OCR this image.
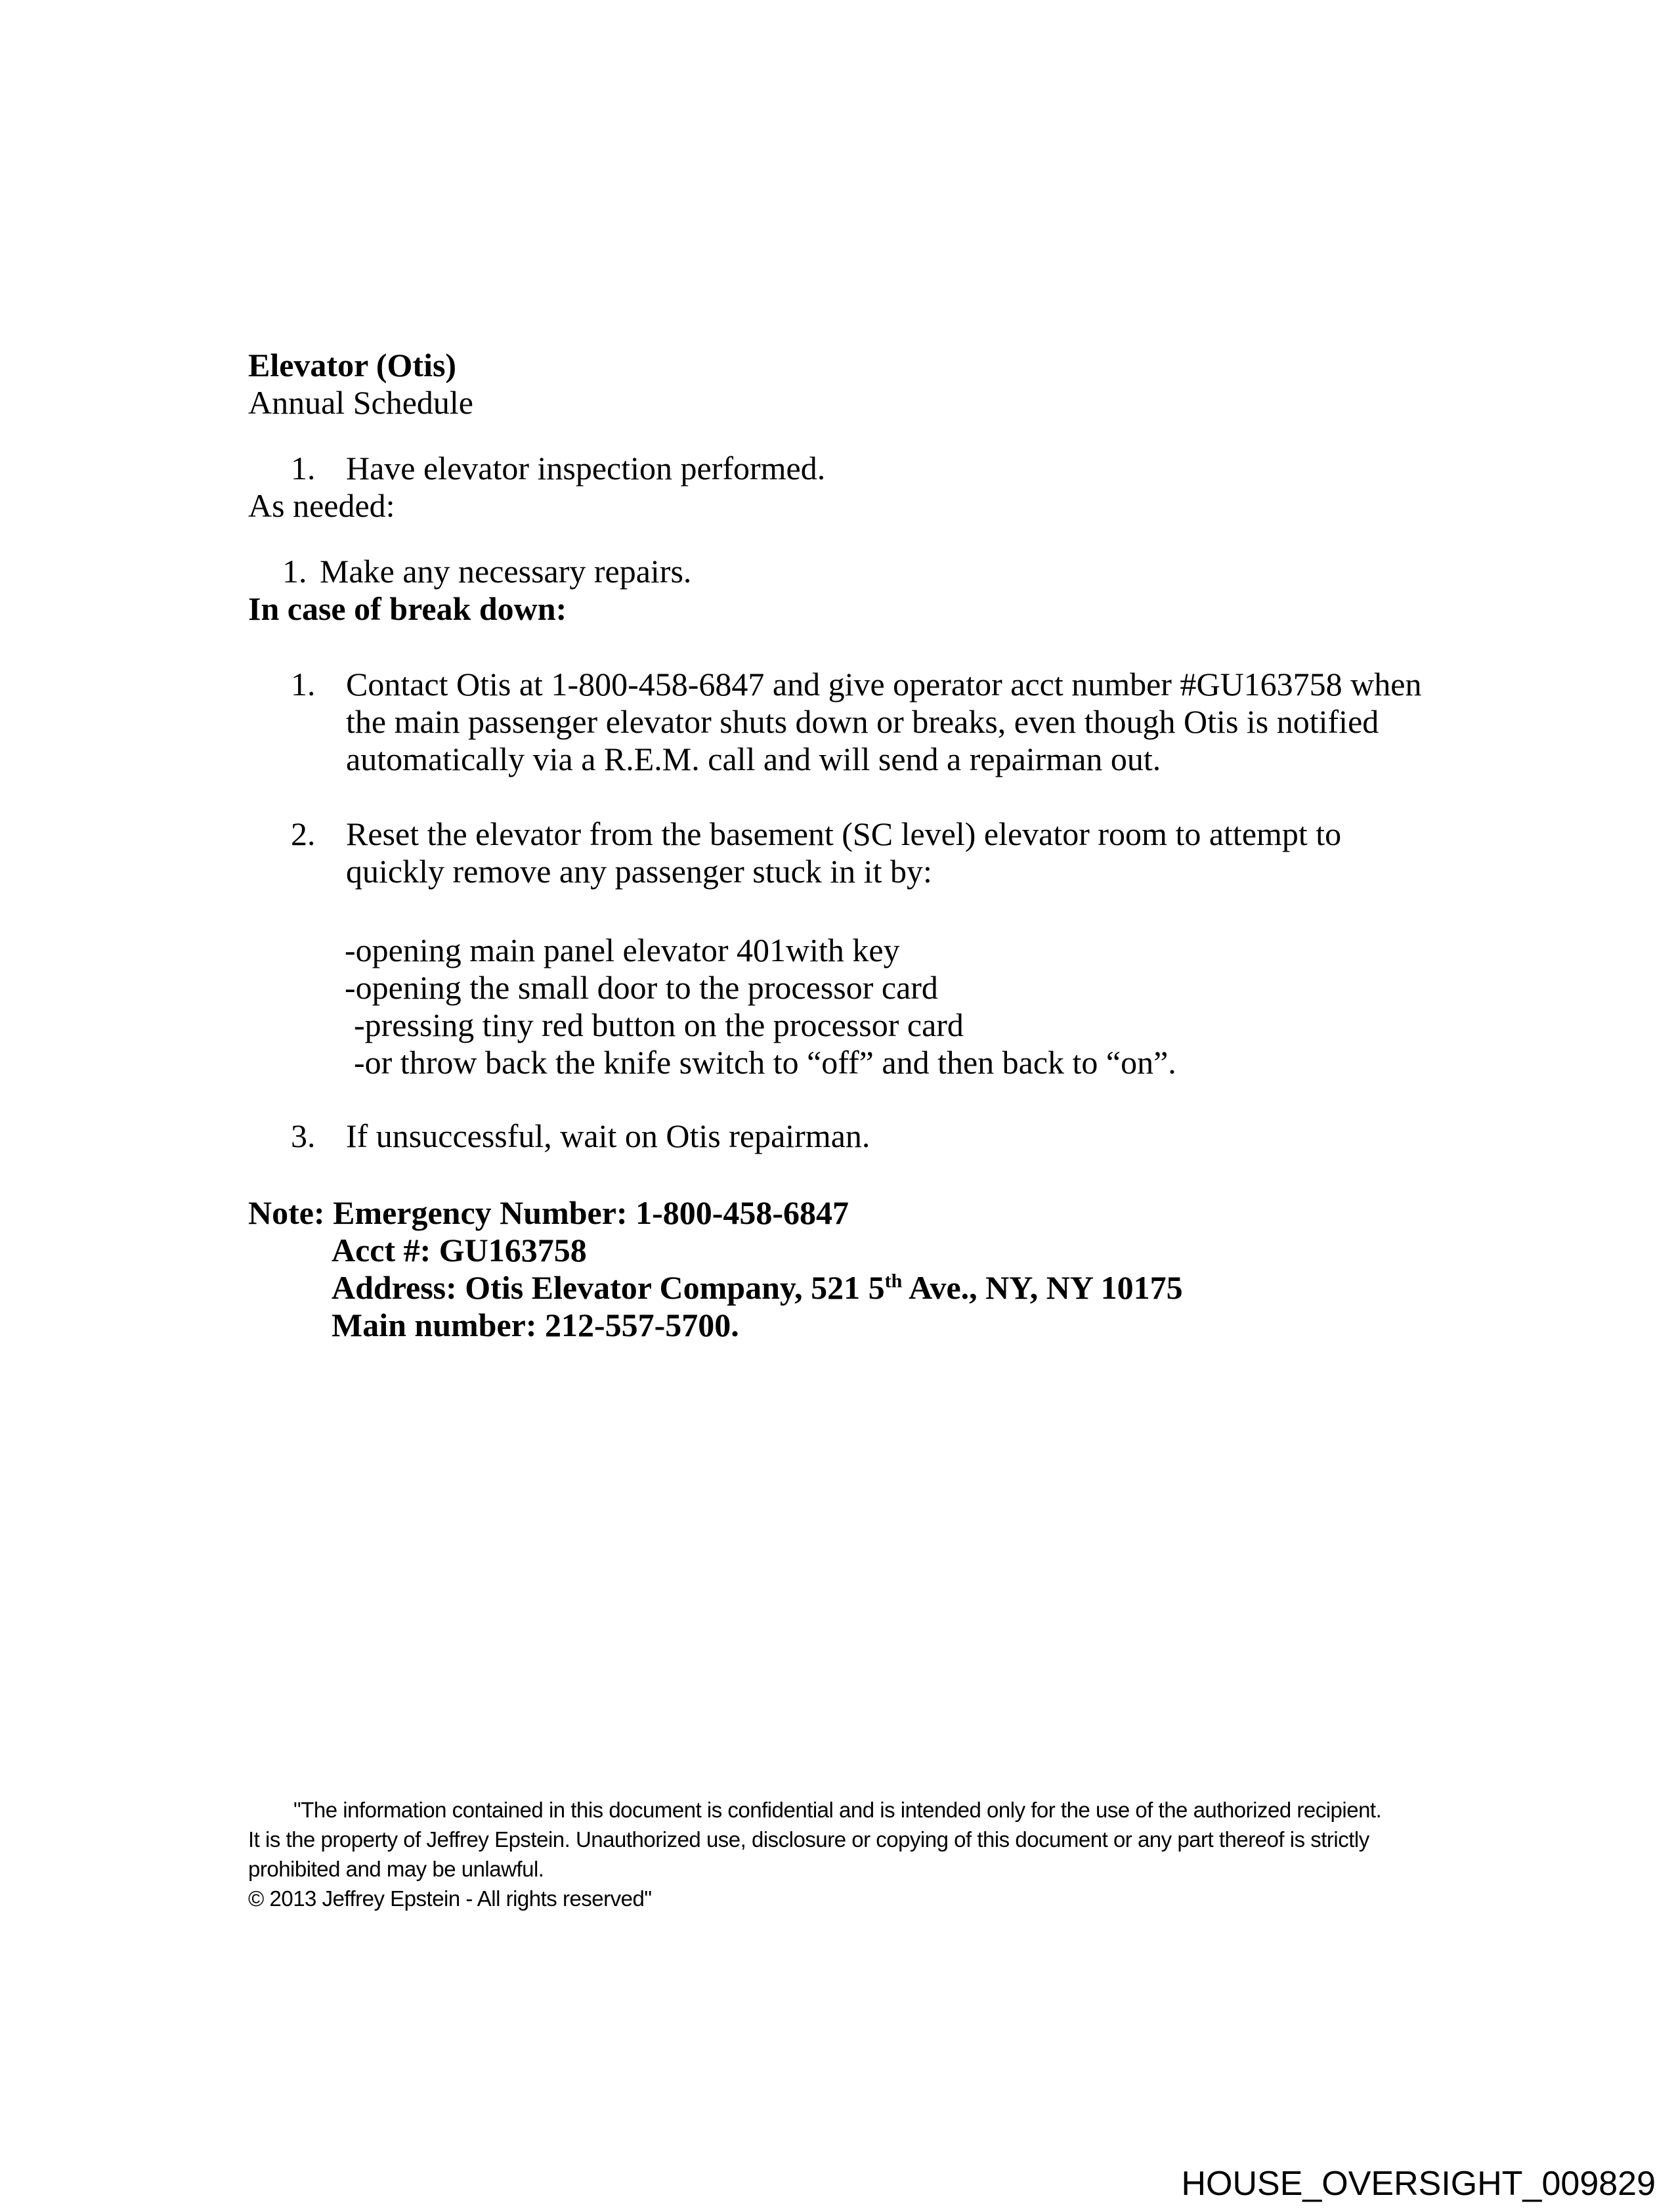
Elevator (Otis)

Annual Schedule

1. Have elevator inspection performed.

As needed:

1. Make any necessary repairs.

In case of break down:

1. Contact Otis at 1-800-458-6847 and give operator acct number #GU163758 when
the main passenger elevator shuts down or breaks, even though Otis is notified
automatically via a R.E.M. call and will send a repairman out.
2. Reset the elevator from the basement (SC level) elevator room to attempt to
quickly remove any passenger stuck in it by:
-opening main panel elevator 401with key
-opening the small door to the processor card
-pressing tiny red button on the processor card
-or throw back the knife switch to “off” and then back to “on”.
3. If unsuccessful, wait on Otis repairman.
Note: Emergency Number: 1-800-458-6847
Acct #: GU163758
Address: Otis Elevator Company, 521 5th Ave., NY, NY 10175
Main number: 212-557-5700.
"The information contained in this document is confidential and is intended only for the use of the authorized recipient.
It is the property of Jeffrey Epstein. Unauthorized use, disclosure or copying of this document or any part thereof is strictly
prohibited and may be unlawful.

© 2013 Jeffrey Epstein - All rights reserved"

HOUSE_OVERSIGHT_009829
